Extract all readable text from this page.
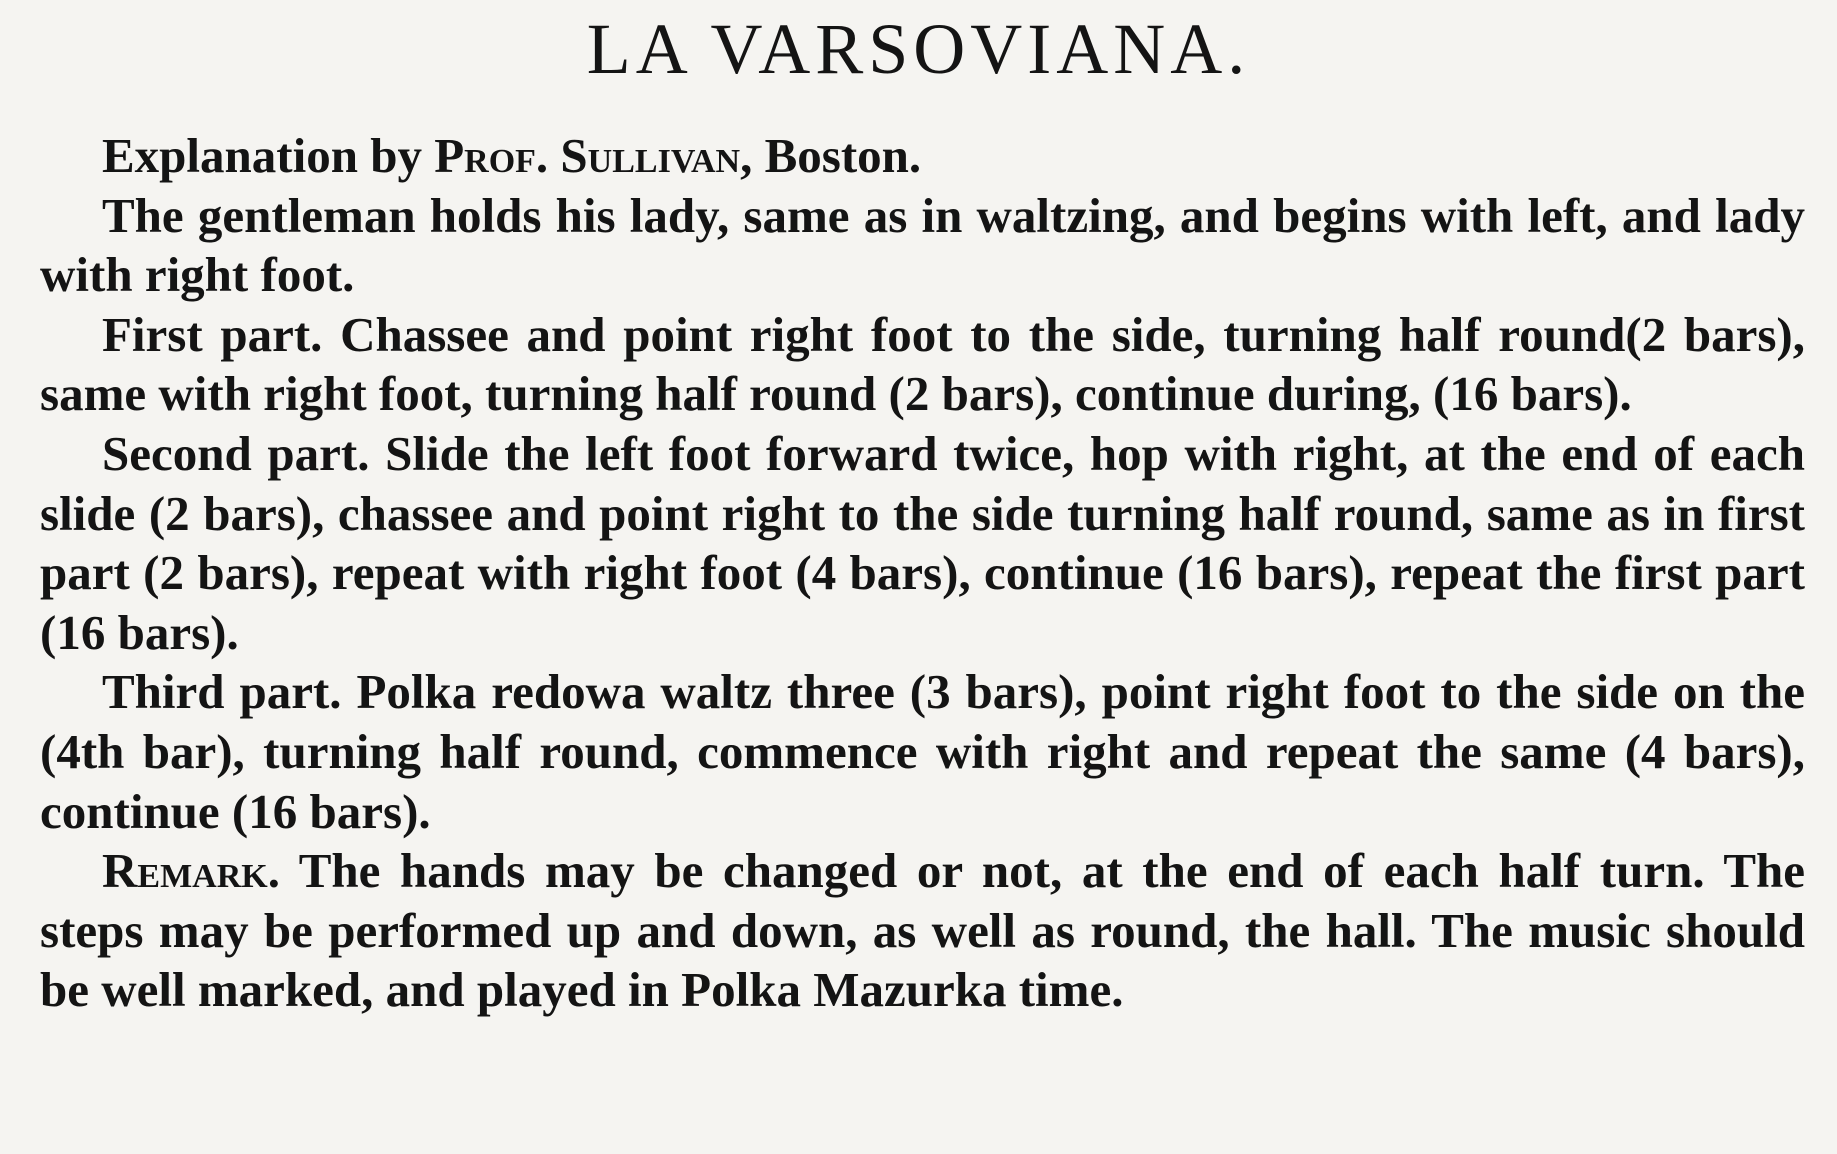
LA VARSOVIANA.

Explanation by Prof. Sullivan, Boston.

The gentleman holds his lady, same as in waltzing, and begins with left, and lady with right foot.

First part. Chassee and point right foot to the side, turning half round(2 bars), same with right foot, turning half round (2 bars), continue during, (16 bars).

Second part. Slide the left foot forward twice, hop with right, at the end of each slide (2 bars), chassee and point right to the side turning half round, same as in first part (2 bars), repeat with right foot (4 bars), continue (16 bars), repeat the first part (16 bars).

Third part. Polka redowa waltz three (3 bars), point right foot to the side on the (4th bar), turning half round, commence with right and repeat the same (4 bars), continue (16 bars).

Remark. The hands may be changed or not, at the end of each half turn. The steps may be performed up and down, as well as round, the hall. The music should be well marked, and played in Polka Mazurka time.
